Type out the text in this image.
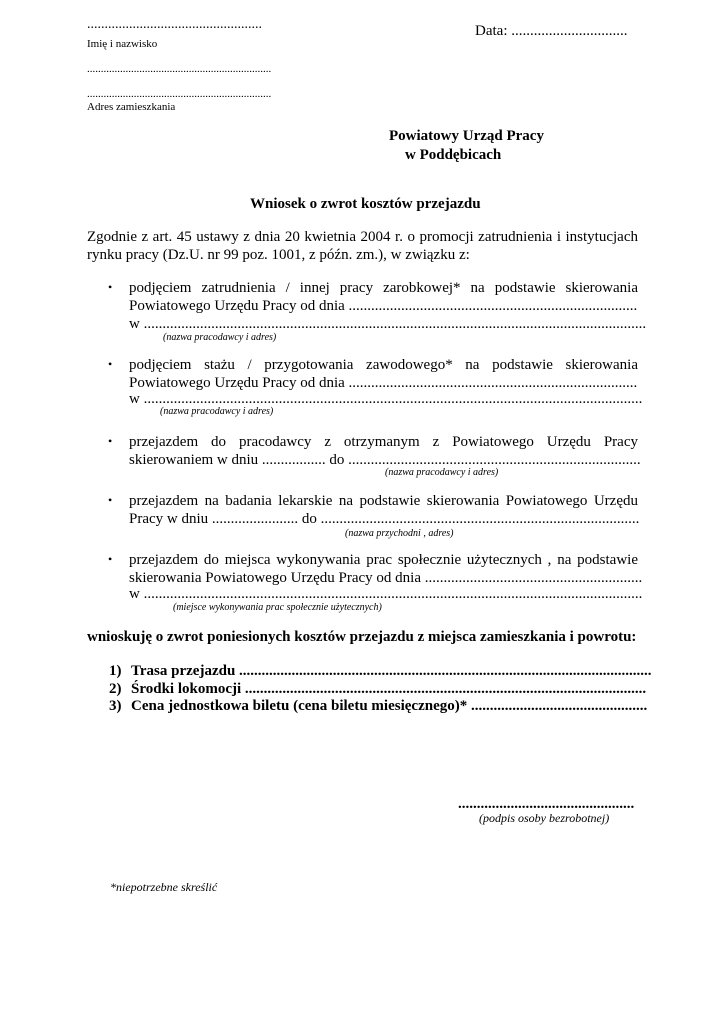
..................................................
Imię i nazwisko
Data: ...............................
...................................................................
...................................................................
Adres zamieszkania
Powiatowy Urząd Pracy
w Poddębicach
Wniosek o zwrot kosztów przejazdu
Zgodnie z art. 45 ustawy z dnia 20 kwietnia 2004 r. o promocji zatrudnienia i instytucjach
rynku pracy (Dz.U. nr 99 poz. 1001, z późn. zm.), w związku z:
• podjęciem zatrudnienia / innej pracy zarobkowej* na podstawie skierowania
Powiatowego Urzędu Pracy od dnia .............................................................................
w ......................................................................................................................................
(nazwa pracodawcy i adres)
• podjęciem stażu / przygotowania zawodowego* na podstawie skierowania
Powiatowego Urzędu Pracy od dnia .............................................................................
w .....................................................................................................................................
(nazwa pracodawcy i adres)
• przejazdem do pracodawcy z otrzymanym z Powiatowego Urzędu Pracy
skierowaniem w dniu ................. do ..............................................................................
(nazwa pracodawcy i adres)
• przejazdem na badania lekarskie na podstawie skierowania Powiatowego Urzędu
Pracy w dniu ....................... do .....................................................................................
(nazwa przychodni , adres)
• przejazdem do miejsca wykonywania prac społecznie użytecznych , na podstawie
skierowania Powiatowego Urzędu Pracy od dnia ..........................................................
w .....................................................................................................................................
(miejsce wykonywania prac społecznie użytecznych)
wnioskuję o zwrot poniesionych kosztów przejazdu z miejsca zamieszkania i powrotu:
1) Trasa przejazdu ..............................................................................................................
2) Środki lokomocji ...........................................................................................................
3) Cena jednostkowa biletu (cena biletu miesięcznego)* ...............................................
...............................................
(podpis osoby bezrobotnej)
*niepotrzebne skreślić
